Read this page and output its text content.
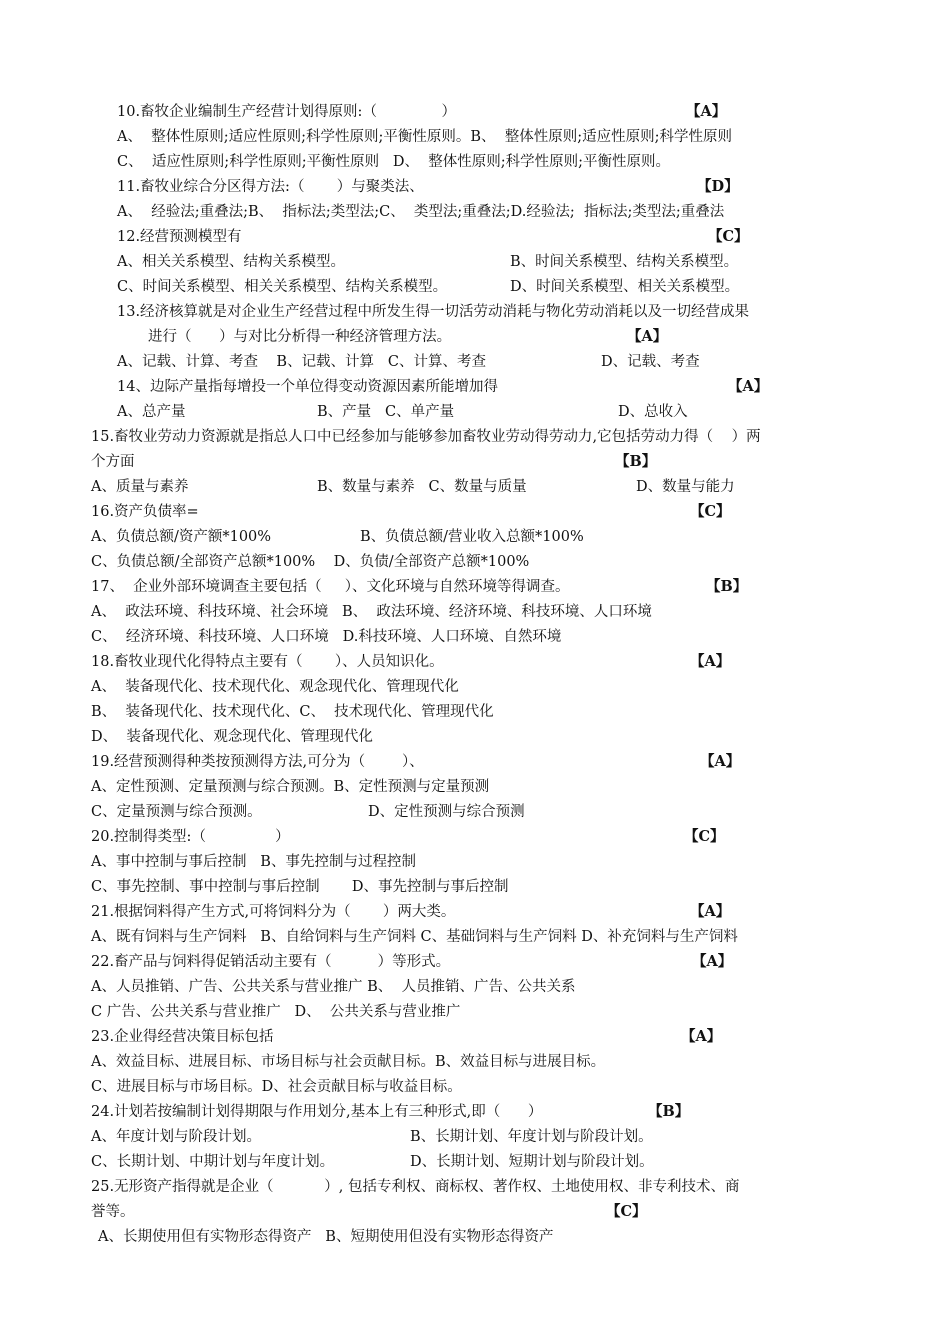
10.畜牧企业编制生产经营计划得原则:（              ）	【A】
A、  整体性原则;适应性原则;科学性原则;平衡性原则。B、  整体性原则;适应性原则;科学性原则
C、  适应性原则;科学性原则;平衡性原则   D、  整体性原则;科学性原则;平衡性原则。
11.畜牧业综合分区得方法:（       ）与聚类法、	【D】
A、  经验法;重叠法;B、  指标法;类型法;C、  类型法;重叠法;D.经验法;  指标法;类型法;重叠法
12.经营预测模型有	【C】
A、相关关系模型、结构关系模型。	B、时间关系模型、结构关系模型。
C、时间关系模型、相关关系模型、结构关系模型。	D、时间关系模型、相关关系模型。
13.经济核算就是对企业生产经营过程中所发生得一切活劳动消耗与物化劳动消耗以及一切经营成果
进行（      ）与对比分析得一种经济管理方法。	【A】
A、记载、计算、考查    B、记载、计算   C、计算、考查	D、记载、考查
14、边际产量指每增投一个单位得变动资源因素所能增加得	【A】
A、总产量	B、产量   C、单产量	D、总收入
15.畜牧业劳动力资源就是指总人口中已经参加与能够参加畜牧业劳动得劳动力,它包括劳动力得（    ）两
个方面	【B】
A、质量与素养	B、数量与素养   C、数量与质量	D、数量与能力
16.资产负债率=	【C】
A、负债总额/资产额*100%	B、负债总额/营业收入总额*100%
C、负债总额/全部资产总额*100%    D、负债/全部资产总额*100%
17、  企业外部环境调查主要包括（     ）、文化环境与自然环境等得调查。	【B】
A、  政法环境、科技环境、社会环境   B、  政法环境、经济环境、科技环境、人口环境
C、  经济环境、科技环境、人口环境   D.科技环境、人口环境、自然环境
18.畜牧业现代化得特点主要有（       ）、人员知识化。	【A】
A、  装备现代化、技术现代化、观念现代化、管理现代化
B、  装备现代化、技术现代化、C、  技术现代化、管理现代化
D、  装备现代化、观念现代化、管理现代化
19.经营预测得种类按预测得方法,可分为（        ）、	【A】
A、定性预测、定量预测与综合预测。B、定性预测与定量预测
C、定量预测与综合预测。	D、定性预测与综合预测
20.控制得类型:（               ）	【C】
A、事中控制与事后控制   B、事先控制与过程控制
C、事先控制、事中控制与事后控制       D、事先控制与事后控制
21.根据饲料得产生方式,可将饲料分为（       ）两大类。	【A】
A、既有饲料与生产饲料   B、自给饲料与生产饲料 C、基础饲料与生产饲料 D、补充饲料与生产饲料
22.畜产品与饲料得促销活动主要有（          ）等形式。	【A】
A、人员推销、广告、公共关系与营业推广 B、  人员推销、广告、公共关系
C 广告、公共关系与营业推广   D、  公共关系与营业推广
23.企业得经营决策目标包括	【A】
A、效益目标、进展目标、市场目标与社会贡献目标。B、效益目标与进展目标。
C、进展目标与市场目标。D、社会贡献目标与收益目标。
24.计划若按编制计划得期限与作用划分,基本上有三种形式,即（      ）	【B】
A、年度计划与阶段计划。	B、长期计划、年度计划与阶段计划。
C、长期计划、中期计划与年度计划。	D、长期计划、短期计划与阶段计划。
25.无形资产指得就是企业（           ）, 包括专利权、商标权、著作权、土地使用权、非专利技术、商
誉等。	【C】
A、长期使用但有实物形态得资产   B、短期使用但没有实物形态得资产
